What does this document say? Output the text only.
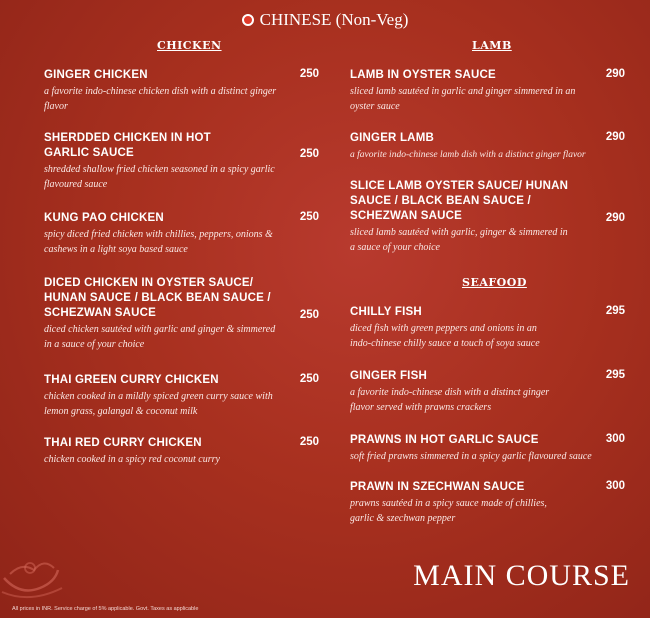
CHINESE (Non-Veg)
CHICKEN
250
GINGER CHICKEN
a favorite indo-chinese chicken dish with a distinct ginger flavor
250
SHERDDED CHICKEN IN HOT GARLIC SAUCE
shredded shallow fried chicken seasoned in a spicy garlic flavoured sauce
250
KUNG PAO CHICKEN
spicy diced fried chicken with chillies, peppers, onions & cashews in a light soya based sauce
250
DICED CHICKEN IN OYSTER SAUCE/ HUNAN SAUCE / BLACK BEAN SAUCE / SCHEZWAN SAUCE
diced chicken sautéed with garlic and ginger & simmered in a sauce of your choice
250
THAI GREEN CURRY CHICKEN
chicken cooked in a mildly spiced green curry sauce with lemon grass, galangal & coconut milk
250
THAI RED CURRY CHICKEN
chicken cooked in a spicy red coconut curry
LAMB
290
LAMB IN OYSTER SAUCE
sliced lamb sautéed in garlic and ginger simmered in an oyster sauce
290
GINGER LAMB
a favorite indo-chinese lamb dish with a distinct ginger flavor
290
SLICE LAMB OYSTER SAUCE/ HUNAN SAUCE / BLACK BEAN SAUCE / SCHEZWAN SAUCE
sliced lamb sautéed with garlic, ginger & simmered in a sauce of your choice
SEAFOOD
295
CHILLY FISH
diced fish with green peppers and onions in an indo-chinese chilly sauce a touch of soya sauce
295
GINGER FISH
a favorite indo-chinese dish with a distinct ginger flavor served with prawns crackers
300
PRAWNS IN HOT GARLIC SAUCE
soft fried prawns simmered in a spicy garlic flavoured sauce
300
PRAWN IN SZECHWAN SAUCE
prawns sautéed in a spicy sauce made of chillies, garlic & szechwan pepper
MAIN COURSE
All prices in INR. Service charge of 5% applicable. Govt. Taxes as applicable
